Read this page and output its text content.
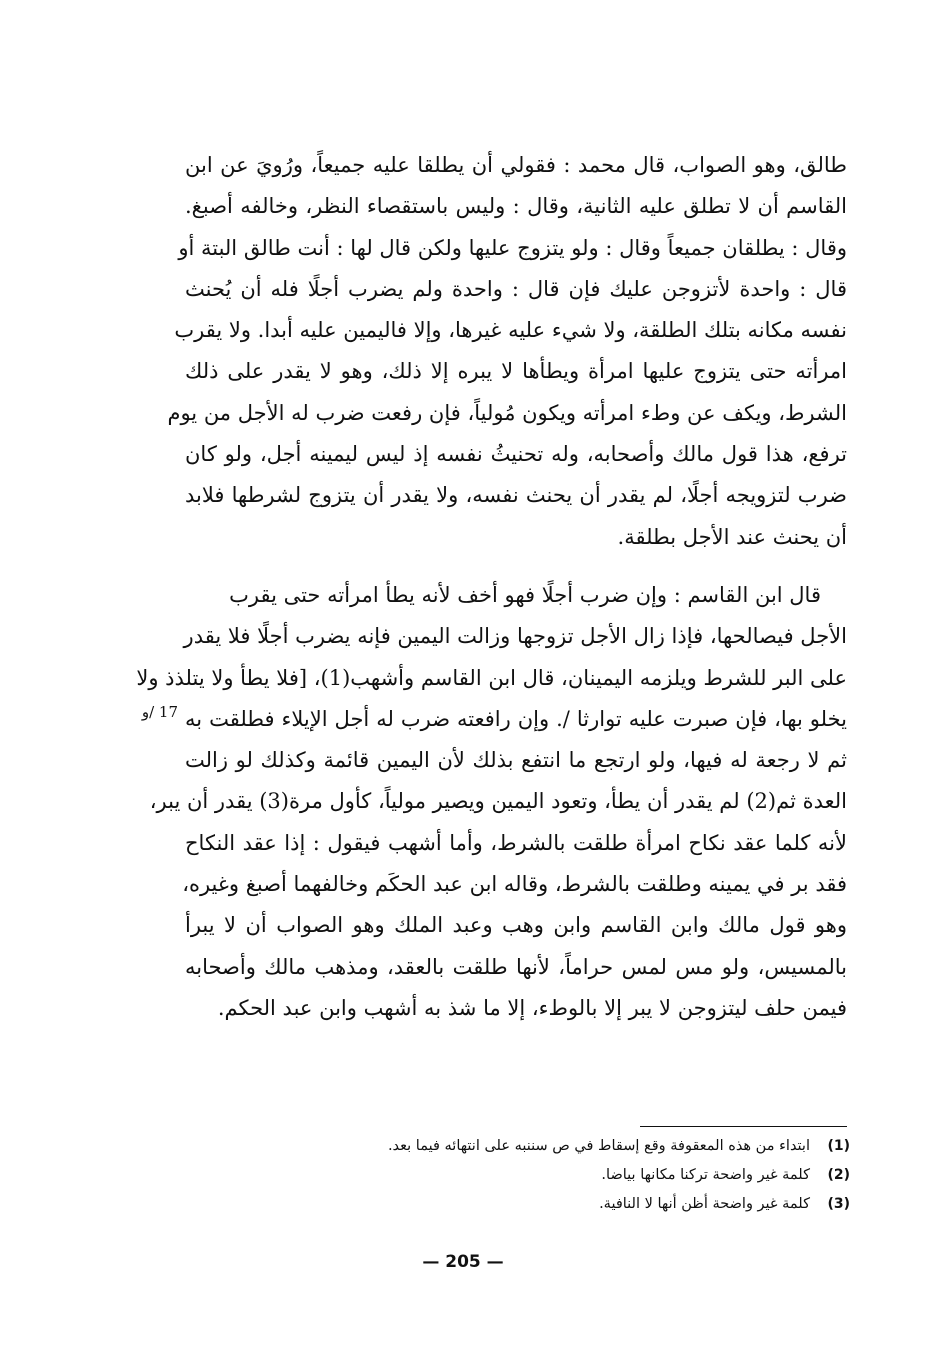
طالق، وهو الصواب، قال محمد : فقولي أن يطلقا عليه جميعاً، ورُويَ عن ابن
القاسم أن لا تطلق عليه الثانية، وقال : وليس باستقصاء النظر، وخالفه أصبغ.
وقال : يطلقان جميعاً وقال : ولو يتزوج عليها ولكن قال لها : أنت طالق البتة أو
قال : واحدة لأتزوجن عليك فإن قال : واحدة ولم يضرب أجلًا فله أن يُحنث
نفسه مكانه بتلك الطلقة، ولا شيء عليه غيرها، وإلا فاليمين عليه أبدا. ولا يقرب
امرأته حتى يتزوج عليها امرأة ويطأها لا يبره إلا ذلك، وهو لا يقدر على ذلك
الشرط، ويكف عن وطء امرأته ويكون مُولياً، فإن رفعت ضرب له الأجل من يوم
ترفع، هذا قول مالك وأصحابه، وله تحنيثُ نفسه إذ ليس ليمينه أجل، ولو كان
ضرب لتزويجه أجلًا، لم يقدر أن يحنث نفسه، ولا يقدر أن يتزوج لشرطها فلابد
أن يحنث عند الأجل بطلقة.
قال ابن القاسم : وإن ضرب أجلًا فهو أخف لأنه يطأ امرأته حتى يقرب
الأجل فيصالحها، فإذا زال الأجل تزوجها وزالت اليمين فإنه يضرب أجلًا فلا يقدر
على البر للشرط ويلزمه اليمينان، قال ابن القاسم وأشهب(1)، [فلا يطأ ولا يتلذذ ولا
يخلو بها، فإن صبرت عليه توارثا /. وإن رافعته ضرب له أجل الإيلاء فطلقت به
ثم لا رجعة له فيها، ولو ارتجع ما انتفع بذلك لأن اليمين قائمة وكذلك لو زالت
العدة ثم(2) لم يقدر أن يطأ، وتعود اليمين ويصير مولياً، كأول مرة(3) يقدر أن يبر،
لأنه كلما عقد نكاح امرأة طلقت بالشرط، وأما أشهب فيقول : إذا عقد النكاح
فقد بر في يمينه وطلقت بالشرط، وقاله ابن عبد الحكَم وخالفهما أصبغ وغيره،
وهو قول مالك وابن القاسم وابن وهب وعبد الملك وهو الصواب أن لا يبرأ
بالمسيس، ولو مس لمس حراماً، لأنها طلقت بالعقد، ومذهب مالك وأصحابه
فيمن حلف ليتزوجن لا يبر إلا بالوطء، إلا ما شذ به أشهب وابن عبد الحكم.
17 /و
(1)
ابتداء من هذه المعقوفة وقع إسقاط في ص سننبه على انتهائه فيما بعد.
(2)
كلمة غير واضحة تركنا مكانها بياضا.
(3)
كلمة غير واضحة أظن أنها لا النافية.
— 205 —
